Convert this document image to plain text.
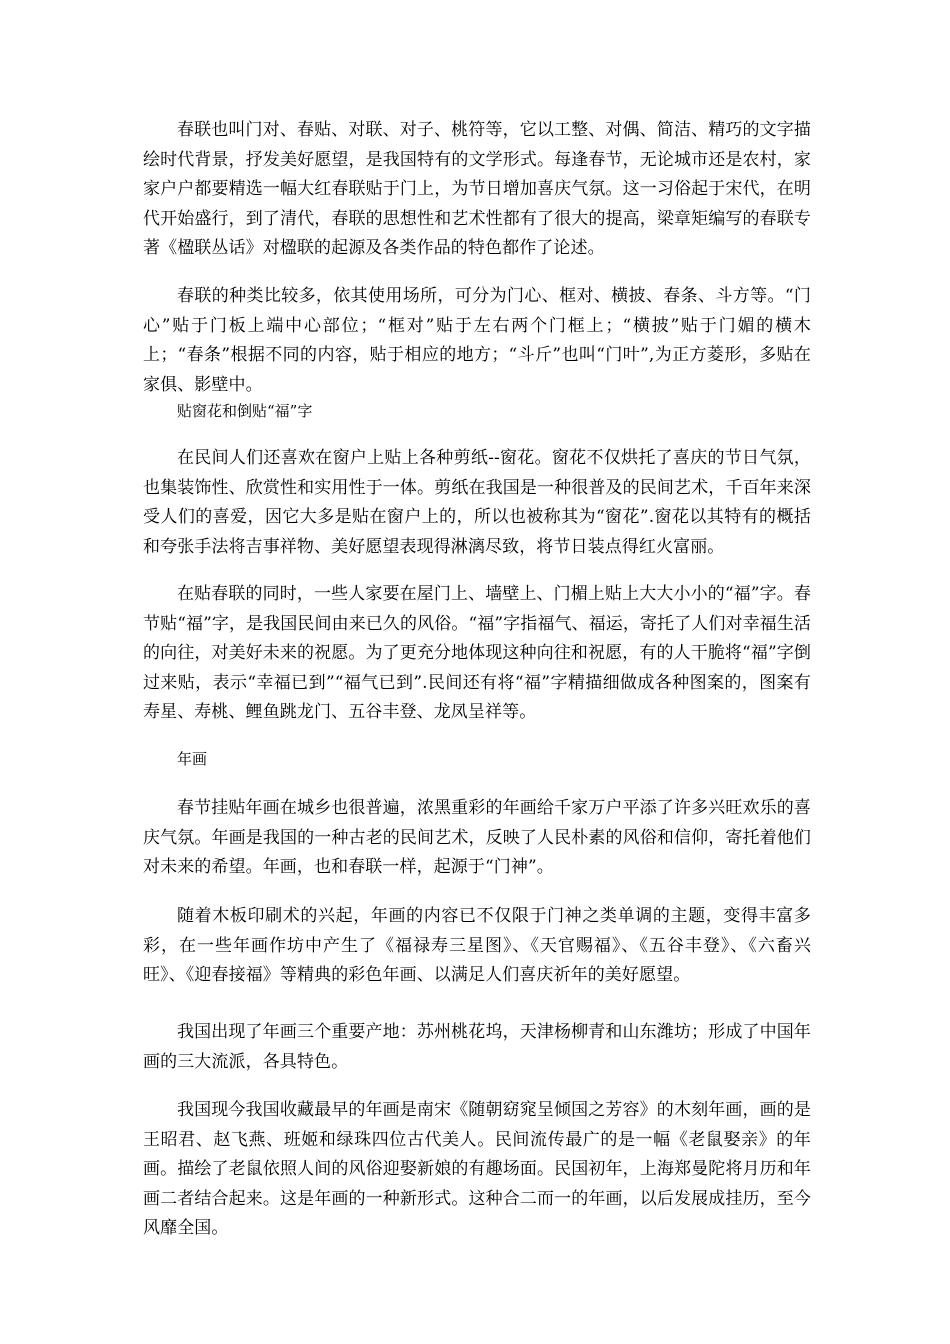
春联也叫门对、春贴、对联、对子、桃符等，它以工整、对偶、简洁、精巧的文字描绘时代背景，抒发美好愿望，是我国特有的文学形式。每逢春节，无论城市还是农村，家家户户都要精选一幅大红春联贴于门上，为节日增加喜庆气氛。这一习俗起于宋代，在明代开始盛行，到了清代，春联的思想性和艺术性都有了很大的提高，梁章矩编写的春联专著《楹联丛话》对楹联的起源及各类作品的特色都作了论述。

春联的种类比较多，依其使用场所，可分为门心、框对、横披、春条、斗方等。“门心”贴于门板上端中心部位；“框对”贴于左右两个门框上；“横披”贴于门媚的横木上；“春条”根据不同的内容，贴于相应的地方；“斗斤”也叫“门叶”,为正方菱形，多贴在家俱、影壁中。

贴窗花和倒贴“福”字

在民间人们还喜欢在窗户上贴上各种剪纸--窗花。窗花不仅烘托了喜庆的节日气氛，也集装饰性、欣赏性和实用性于一体。剪纸在我国是一种很普及的民间艺术，千百年来深受人们的喜爱，因它大多是贴在窗户上的，所以也被称其为“窗花”.窗花以其特有的概括和夸张手法将吉事祥物、美好愿望表现得淋漓尽致，将节日装点得红火富丽。

在贴春联的同时，一些人家要在屋门上、墙壁上、门楣上贴上大大小小的“福”字。春节贴“福”字，是我国民间由来已久的风俗。“福”字指福气、福运，寄托了人们对幸福生活的向往，对美好未来的祝愿。为了更充分地体现这种向往和祝愿，有的人干脆将“福”字倒过来贴，表示“幸福已到”“福气已到”.民间还有将“福”字精描细做成各种图案的，图案有寿星、寿桃、鲤鱼跳龙门、五谷丰登、龙凤呈祥等。

年画

春节挂贴年画在城乡也很普遍，浓黑重彩的年画给千家万户平添了许多兴旺欢乐的喜庆气氛。年画是我国的一种古老的民间艺术，反映了人民朴素的风俗和信仰，寄托着他们对未来的希望。年画，也和春联一样，起源于“门神”。

随着木板印刷术的兴起，年画的内容已不仅限于门神之类单调的主题，变得丰富多彩，在一些年画作坊中产生了《福禄寿三星图》、《天官赐福》、《五谷丰登》、《六畜兴旺》、《迎春接福》等精典的彩色年画、以满足人们喜庆祈年的美好愿望。

我国出现了年画三个重要产地：苏州桃花坞，天津杨柳青和山东潍坊；形成了中国年画的三大流派，各具特色。

我国现今我国收藏最早的年画是南宋《随朝窈窕呈倾国之芳容》的木刻年画，画的是王昭君、赵飞燕、班姬和绿珠四位古代美人。民间流传最广的是一幅《老鼠娶亲》的年画。描绘了老鼠依照人间的风俗迎娶新娘的有趣场面。民国初年，上海郑曼陀将月历和年画二者结合起来。这是年画的一种新形式。这种合二而一的年画，以后发展成挂历，至今风靡全国。
